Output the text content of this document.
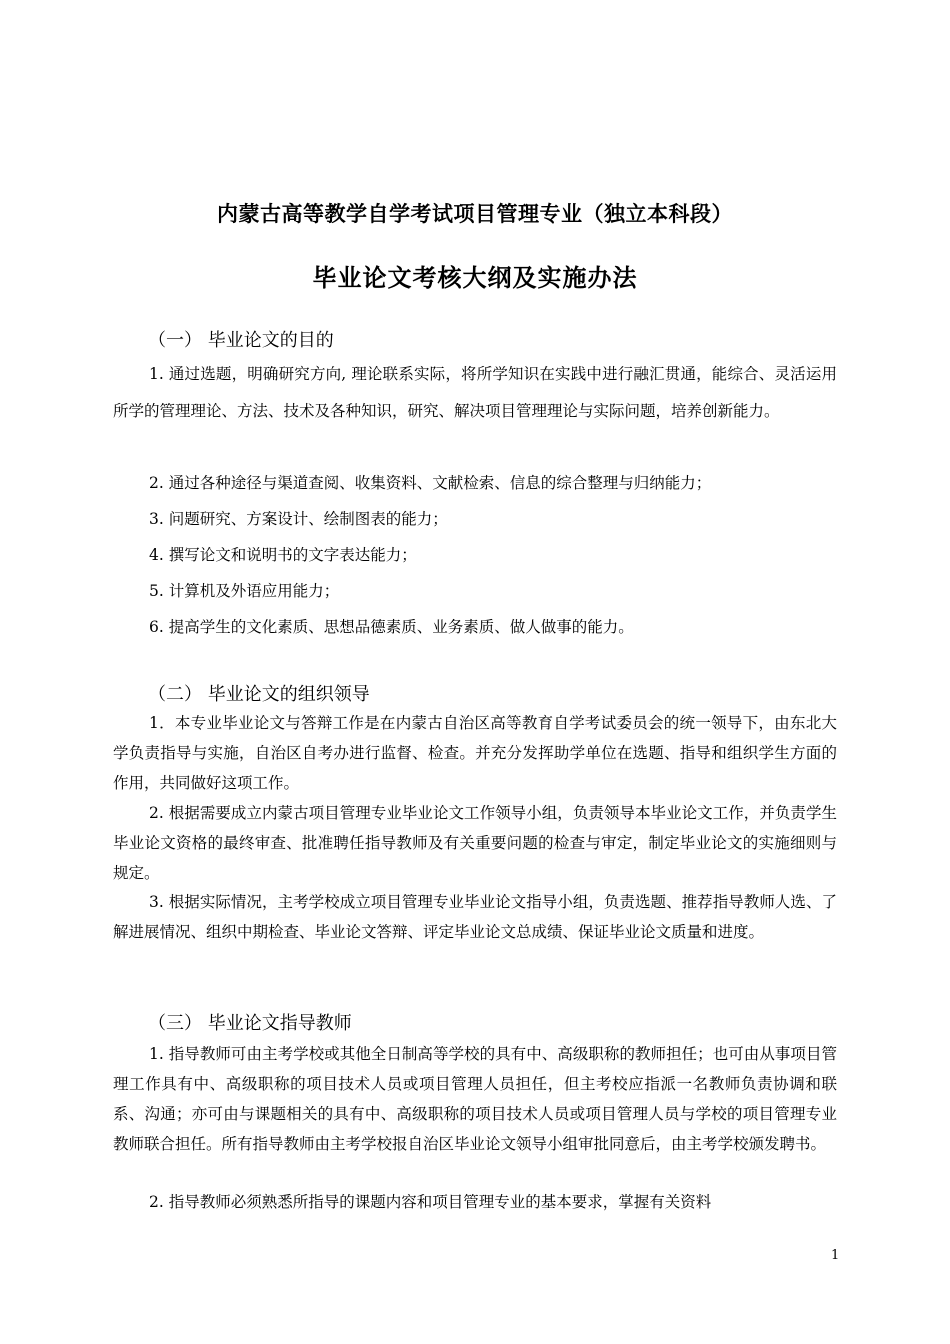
内蒙古高等教学自学考试项目管理专业（独立本科段）
毕业论文考核大纲及实施办法
（一） 毕业论文的目的

1. 通过选题，明确研究方向, 理论联系实际，将所学知识在实践中进行融汇贯通，能综合、灵活运用所学的管理理论、方法、技术及各种知识，研究、解决项目管理理论与实际问题，培养创新能力。

2. 通过各种途径与渠道查阅、收集资料、文献检索、信息的综合整理与归纳能力；

3. 问题研究、方案设计、绘制图表的能力；

4. 撰写论文和说明书的文字表达能力；

5. 计算机及外语应用能力；

6. 提高学生的文化素质、思想品德素质、业务素质、做人做事的能力。

（二） 毕业论文的组织领导

1．本专业毕业论文与答辩工作是在内蒙古自治区高等教育自学考试委员会的统一领导下，由东北大学负责指导与实施，自治区自考办进行监督、检查。并充分发挥助学单位在选题、指导和组织学生方面的作用，共同做好这项工作。

2. 根据需要成立内蒙古项目管理专业毕业论文工作领导小组，负责领导本毕业论文工作，并负责学生毕业论文资格的最终审查、批准聘任指导教师及有关重要问题的检查与审定，制定毕业论文的实施细则与规定。

3. 根据实际情况，主考学校成立项目管理专业毕业论文指导小组，负责选题、推荐指导教师人选、了解进展情况、组织中期检查、毕业论文答辩、评定毕业论文总成绩、保证毕业论文质量和进度。

（三） 毕业论文指导教师

1. 指导教师可由主考学校或其他全日制高等学校的具有中、高级职称的教师担任；也可由从事项目管理工作具有中、高级职称的项目技术人员或项目管理人员担任，但主考校应指派一名教师负责协调和联系、沟通；亦可由与课题相关的具有中、高级职称的项目技术人员或项目管理人员与学校的项目管理专业教师联合担任。所有指导教师由主考学校报自治区毕业论文领导小组审批同意后，由主考学校颁发聘书。

2. 指导教师必须熟悉所指导的课题内容和项目管理专业的基本要求，掌握有关资料

1
